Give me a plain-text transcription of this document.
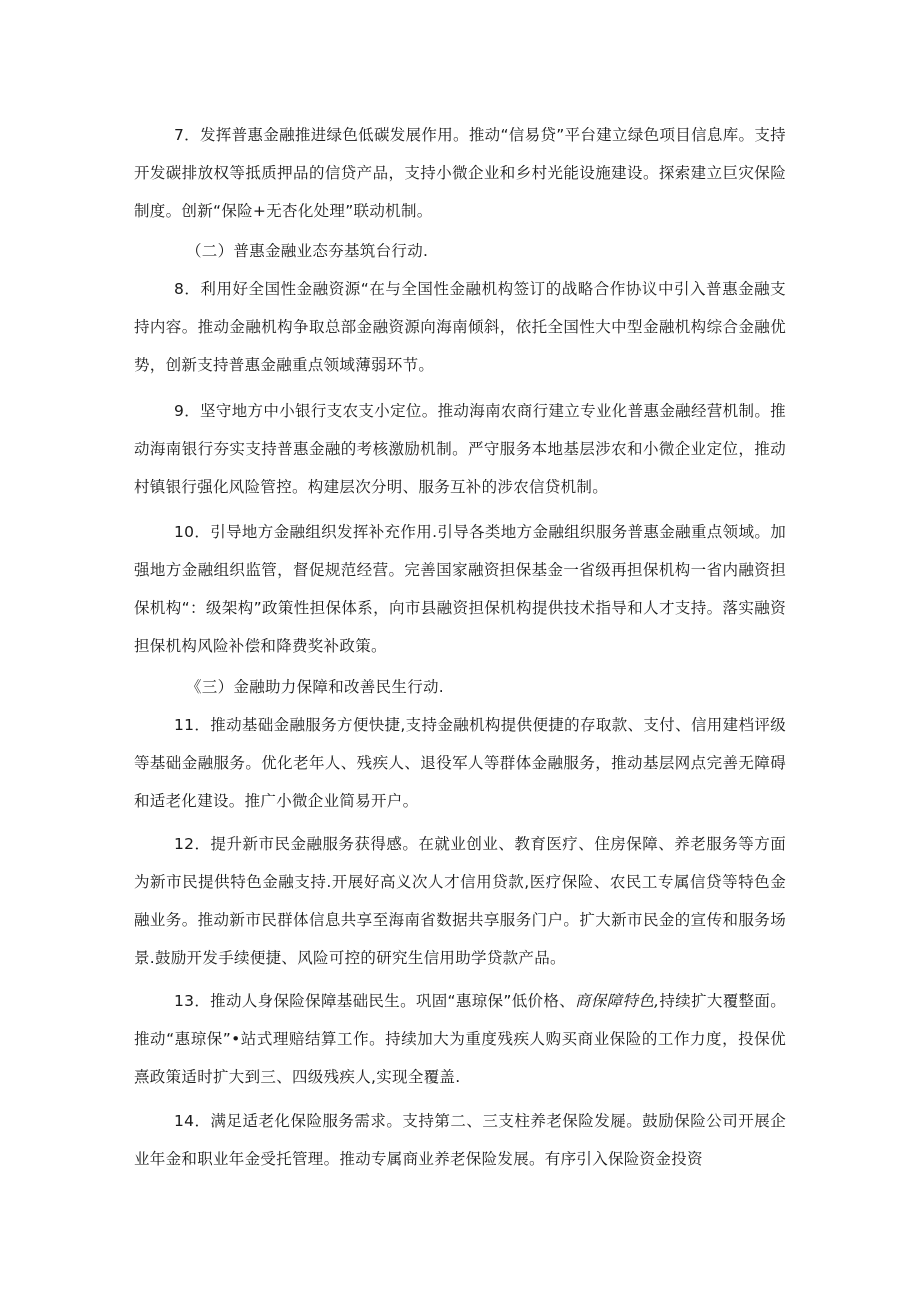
7．发挥普惠金融推进绿色低碳发展作用。推动“信易贷”平台建立绿色项目信息库。支持开发碳排放权等抵质押品的信贷产品，支持小微企业和乡村光能设施建设。探索建立巨灾保险制度。创新“保险+无杏化处理”联动机制。

（二）普惠金融业态夯基筑台行动.

8．利用好全国性金融资源“在与全国性金融机构签订的战略合作协议中引入普惠金融支持内容。推动金融机构争取总部金融资源向海南倾斜，依托全国性大中型金融机构综合金融优势，创新支持普惠金融重点领域薄弱环节。

9．坚守地方中小银行支农支小定位。推动海南农商行建立专业化普惠金融经营机制。推动海南银行夯实支持普惠金融的考核激励机制。严守服务本地基层涉农和小微企业定位，推动村镇银行强化风险管控。构建层次分明、服务互补的涉农信贷机制。

10．引导地方金融组织发挥补充作用.引导各类地方金融组织服务普惠金融重点领域。加强地方金融组织监管，督促规范经营。完善国家融资担保基金一省级再担保机构一省内融资担保机构“：级架构”政策性担保体系，向市县融资担保机构提供技术指导和人才支持。落实融资担保机构风险补偿和降费奖补政策。

《三）金融助力保障和改善民生行动.

11．推动基础金融服务方便快捷,支持金融机构提供便捷的存取款、支付、信用建档评级等基础金融服务。优化老年人、残疾人、退役军人等群体金融服务，推动基层网点完善无障碍和适老化建设。推广小微企业简易开户。

12．提升新市民金融服务获得感。在就业创业、教育医疗、住房保障、养老服务等方面为新市民提供特色金融支持.开展好高义次人才信用贷款,医疗保险、农民工专属信贷等特色金融业务。推动新市民群体信息共享至海南省数据共享服务门户。扩大新市民金的宣传和服务场景.鼓励开发手续便捷、风险可控的研究生信用助学贷款产品。

13．推动人身保险保障基础民生。巩固“惠琼保”低价格、商保障特色,持续扩大覆整面。推动“惠琼保”•站式理赔结算工作。持续加大为重度残疾人购买商业保险的工作力度，投保优熹政策适时扩大到三、四级残疾人,实现全覆盖.

14．满足适老化保险服务需求。支持第二、三支柱养老保险发屣。鼓励保险公司开展企业年金和职业年金受托管理。推动专属商业养老保险发展。有序引入保险资金投资
